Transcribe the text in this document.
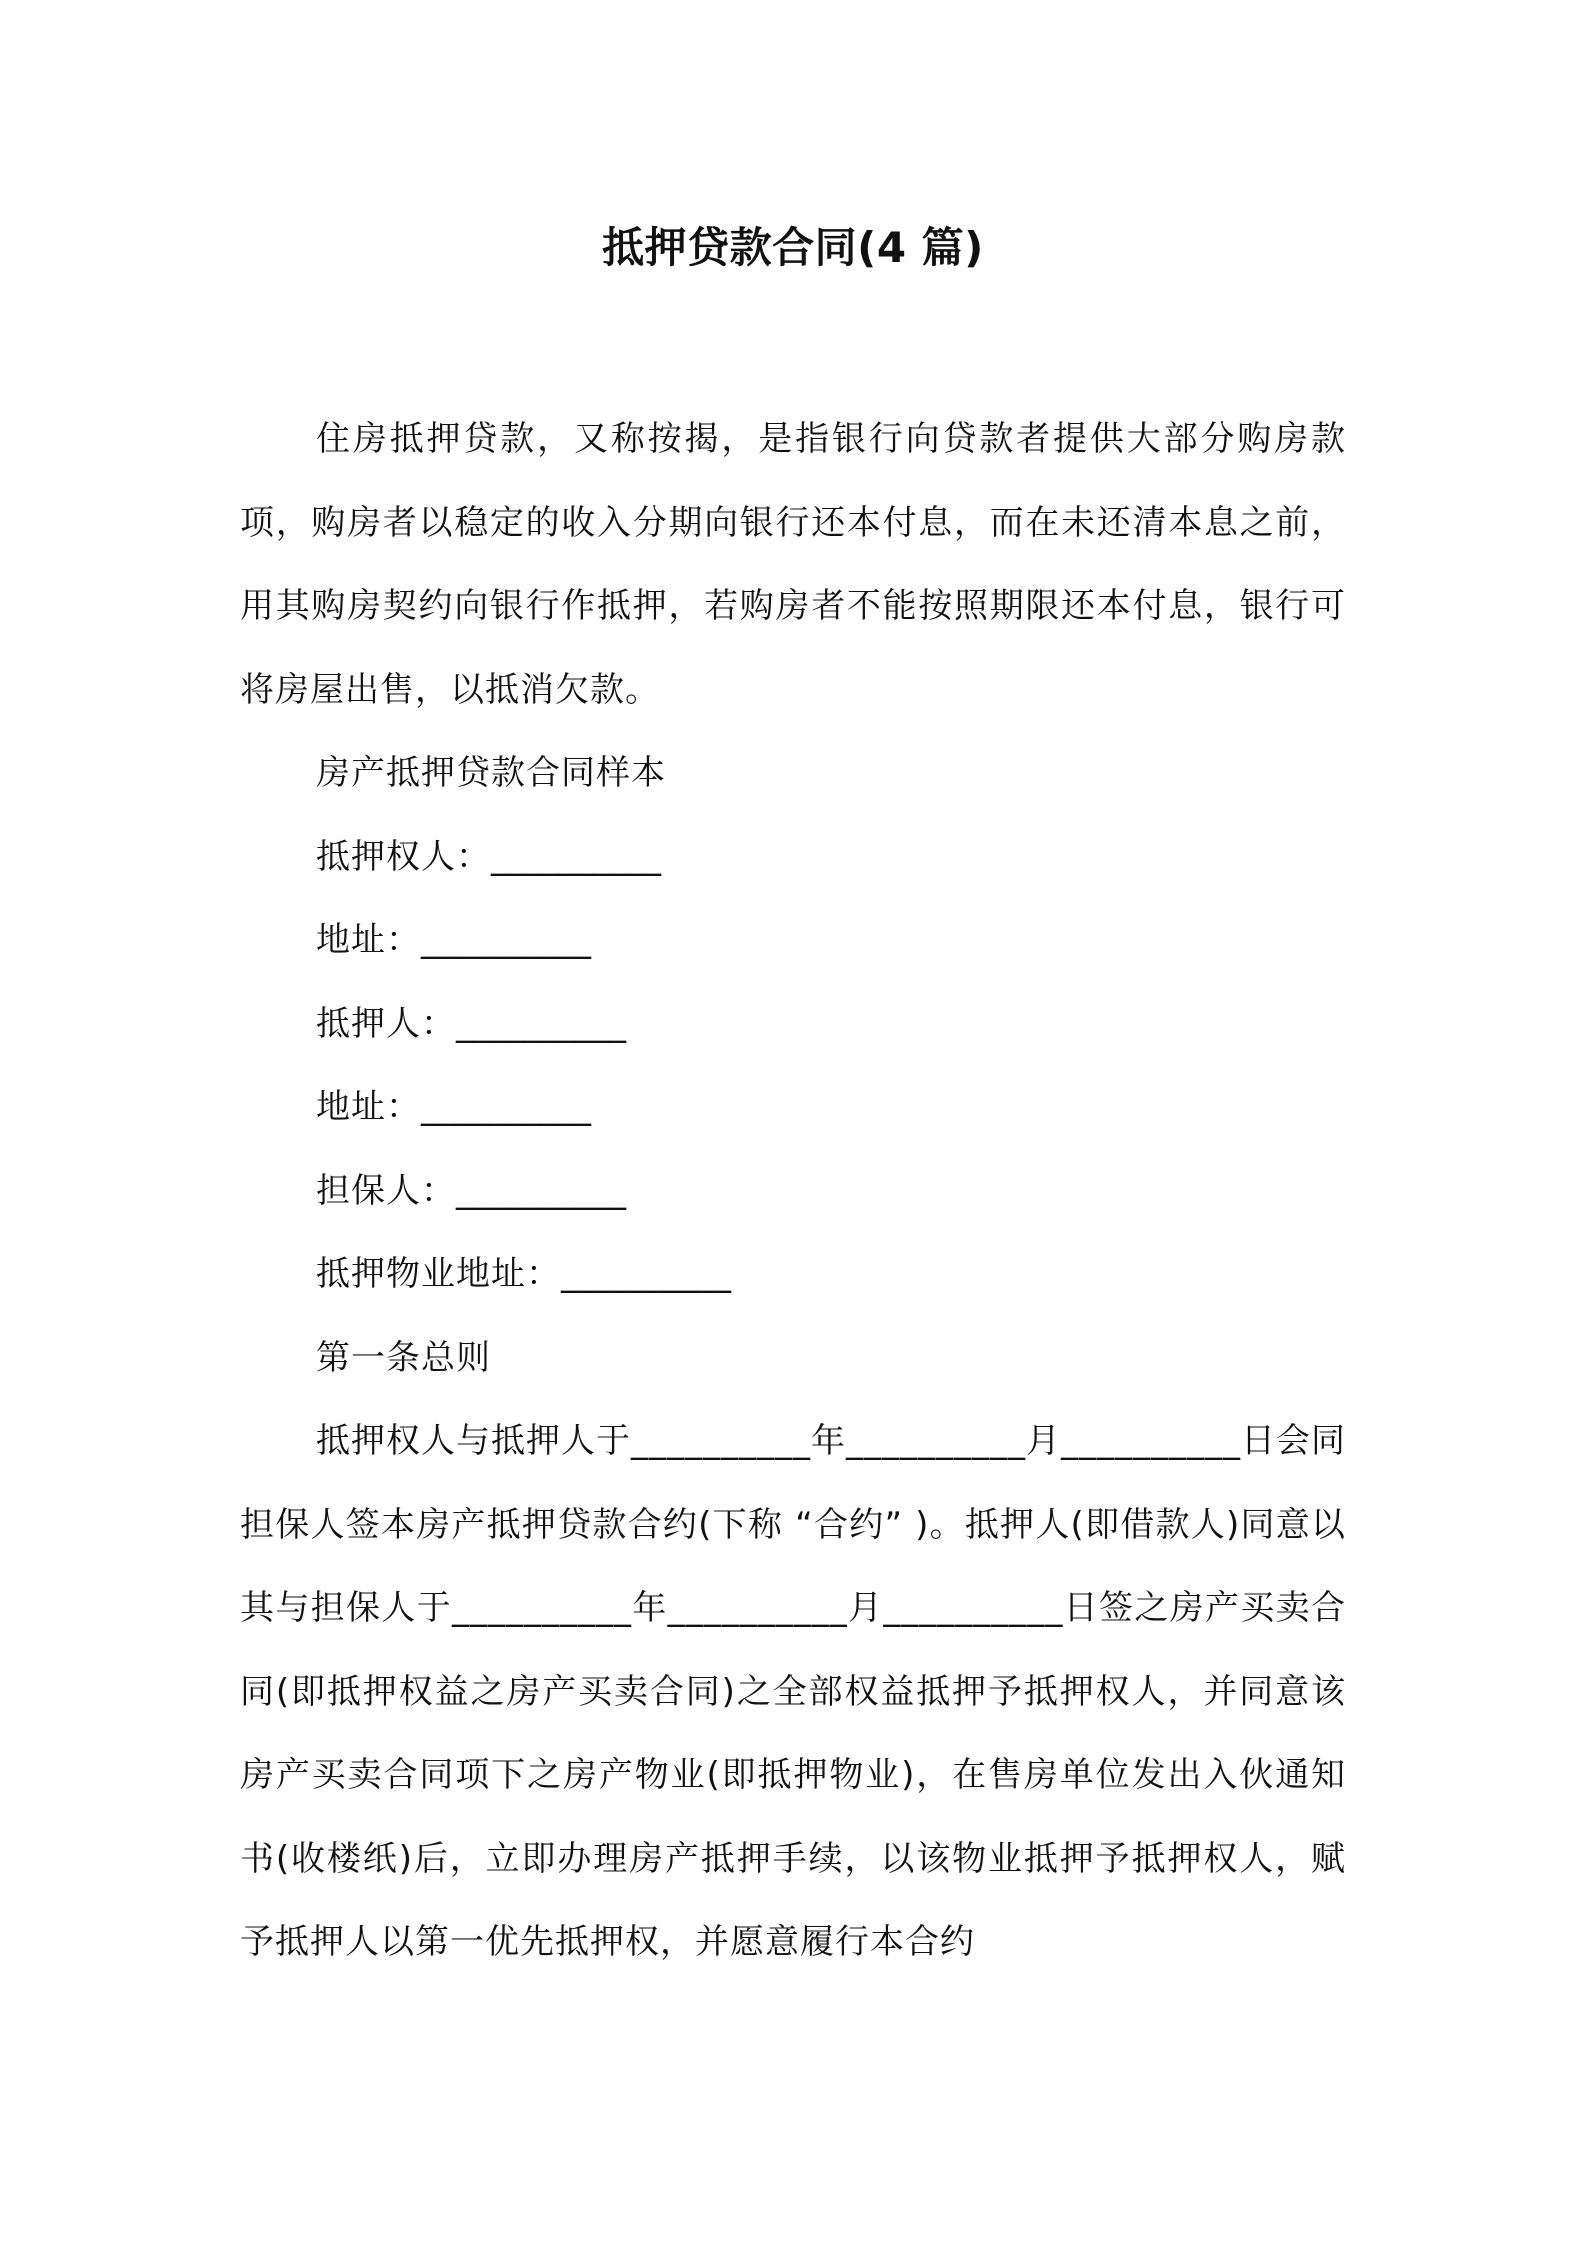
抵押贷款合同(4 篇)

住房抵押贷款，又称按揭，是指银行向贷款者提供大部分购房款项，购房者以稳定的收入分期向银行还本付息，而在未还清本息之前，用其购房契约向银行作抵押，若购房者不能按照期限还本付息，银行可将房屋出售，以抵消欠款。

房产抵押贷款合同样本

抵押权人：__________

地址：__________

抵押人：__________

地址：__________

担保人：__________

抵押物业地址：__________

第一条总则

抵押权人与抵押人于__________年__________月__________日会同担保人签本房产抵押贷款合约(下称 “合约” )。抵押人(即借款人)同意以其与担保人于__________年__________月__________日签之房产买卖合同(即抵押权益之房产买卖合同)之全部权益抵押予抵押权人，并同意该房产买卖合同项下之房产物业(即抵押物业)，在售房单位发出入伙通知书(收楼纸)后，立即办理房产抵押手续，以该物业抵押予抵押权人，赋予抵押人以第一优先抵押权，并愿意履行本合约
